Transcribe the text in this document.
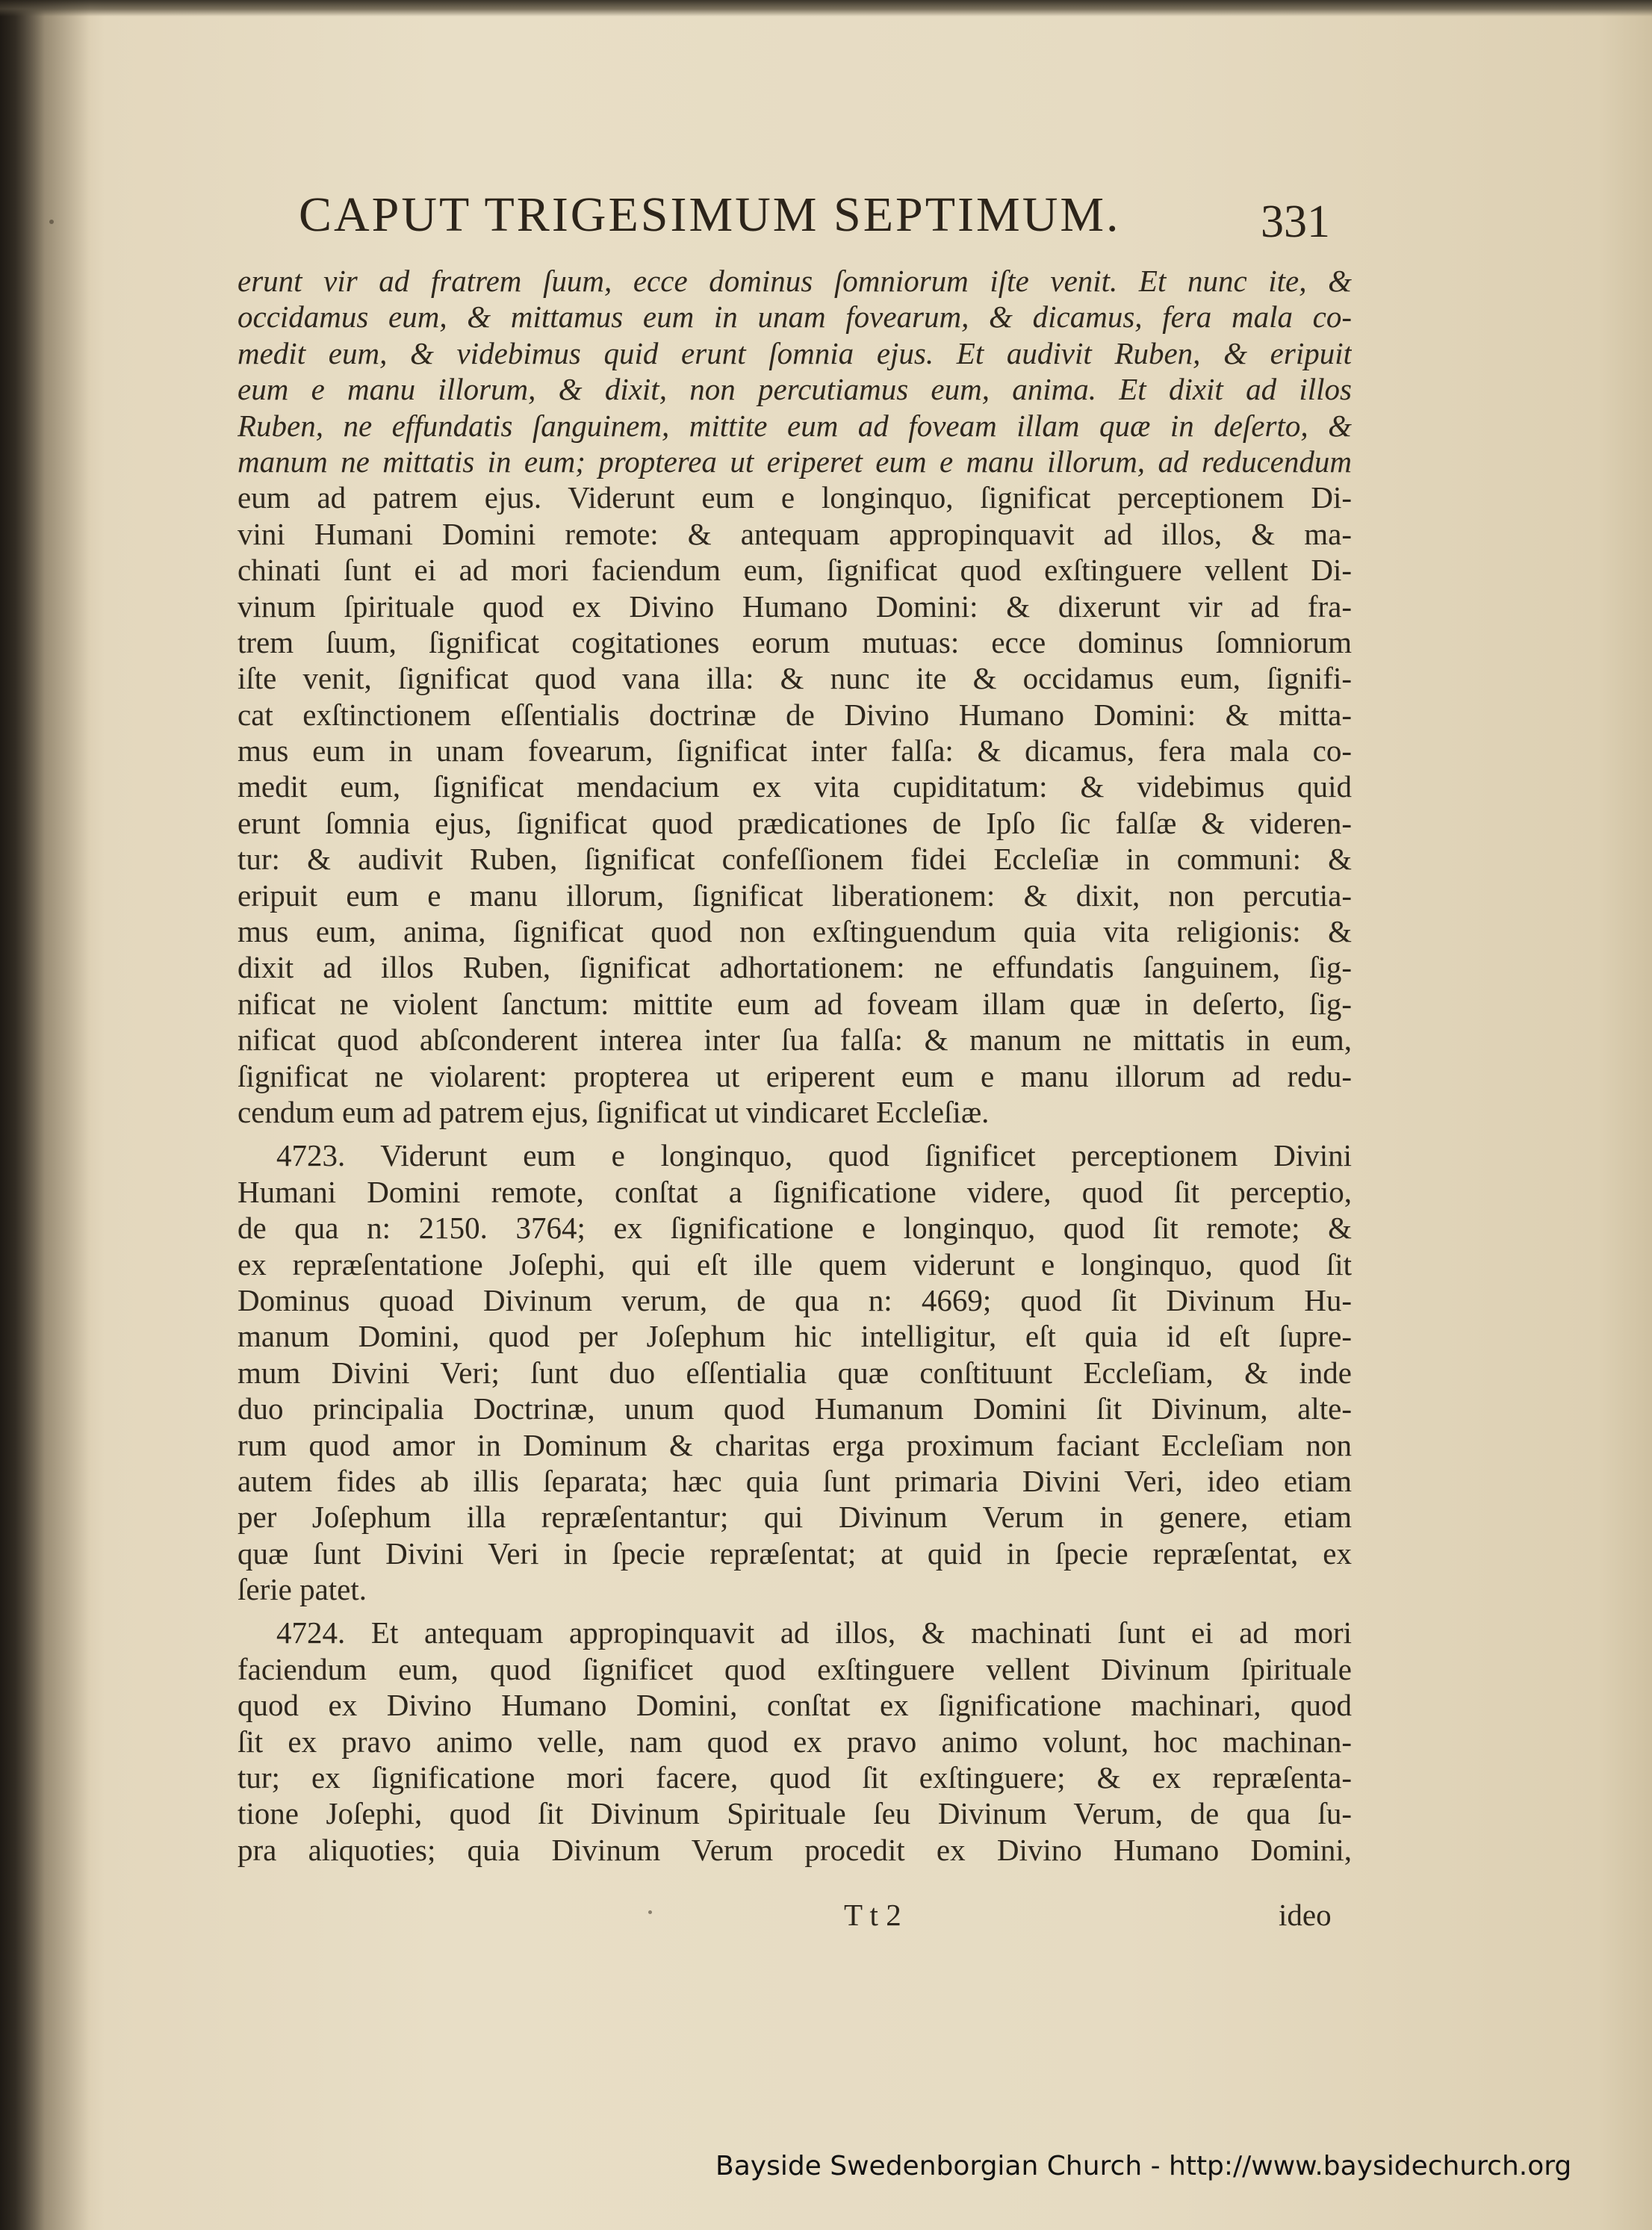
CAPUT TRIGESIMUM SEPTIMUM.	331
erunt vir ad fratrem ſuum, ecce dominus ſomniorum iſte venit. Et nunc ite, &
occidamus eum, & mittamus eum in unam fovearum, & dicamus, fera mala co-
medit eum, & videbimus quid erunt ſomnia ejus. Et audivit Ruben, & eripuit
eum e manu illorum, & dixit, non percutiamus eum, anima. Et dixit ad illos
Ruben, ne effundatis ſanguinem, mittite eum ad foveam illam quæ in deſerto, &
manum ne mittatis in eum; propterea ut eriperet eum e manu illorum, ad reducendum
eum ad patrem ejus. Viderunt eum e longinquo, ſignificat perceptionem Di-
vini Humani Domini remote: & antequam appropinquavit ad illos, & ma-
chinati ſunt ei ad mori faciendum eum, ſignificat quod exſtinguere vellent Di-
vinum ſpirituale quod ex Divino Humano Domini: & dixerunt vir ad fra-
trem ſuum, ſignificat cogitationes eorum mutuas: ecce dominus ſomniorum
iſte venit, ſignificat quod vana illa: & nunc ite & occidamus eum, ſignifi-
cat exſtinctionem eſſentialis doctrinæ de Divino Humano Domini: & mitta-
mus eum in unam fovearum, ſignificat inter falſa: & dicamus, fera mala co-
medit eum, ſignificat mendacium ex vita cupiditatum: & videbimus quid
erunt ſomnia ejus, ſignificat quod prædicationes de Ipſo ſic falſæ & videren-
tur: & audivit Ruben, ſignificat confeſſionem fidei Eccleſiæ in communi: &
eripuit eum e manu illorum, ſignificat liberationem: & dixit, non percutia-
mus eum, anima, ſignificat quod non exſtinguendum quia vita religionis: &
dixit ad illos Ruben, ſignificat adhortationem: ne effundatis ſanguinem, ſig-
nificat ne violent ſanctum: mittite eum ad foveam illam quæ in deſerto, ſig-
nificat quod abſconderent interea inter ſua falſa: & manum ne mittatis in eum,
ſignificat ne violarent: propterea ut eriperent eum e manu illorum ad redu-
cendum eum ad patrem ejus, ſignificat ut vindicaret Eccleſiæ.
4723. Viderunt eum e longinquo, quod ſignificet perceptionem Divini
Humani Domini remote, conſtat a ſignificatione videre, quod ſit perceptio,
de qua n: 2150. 3764; ex ſignificatione e longinquo, quod ſit remote; &
ex repræſentatione Joſephi, qui eſt ille quem viderunt e longinquo, quod ſit
Dominus quoad Divinum verum, de qua n: 4669; quod ſit Divinum Hu-
manum Domini, quod per Joſephum hic intelligitur, eſt quia id eſt ſupre-
mum Divini Veri; ſunt duo eſſentialia quæ conſtituunt Eccleſiam, & inde
duo principalia Doctrinæ, unum quod Humanum Domini ſit Divinum, alte-
rum quod amor in Dominum & charitas erga proximum faciant Eccleſiam non
autem fides ab illis ſeparata; hæc quia ſunt primaria Divini Veri, ideo etiam
per Joſephum illa repræſentantur; qui Divinum Verum in genere, etiam
quæ ſunt Divini Veri in ſpecie repræſentat; at quid in ſpecie repræſentat, ex
ſerie patet.
4724. Et antequam appropinquavit ad illos, & machinati ſunt ei ad mori
faciendum eum, quod ſignificet quod exſtinguere vellent Divinum ſpirituale
quod ex Divino Humano Domini, conſtat ex ſignificatione machinari, quod
ſit ex pravo animo velle, nam quod ex pravo animo volunt, hoc machinan-
tur; ex ſignificatione mori facere, quod ſit exſtinguere; & ex repræſenta-
tione Joſephi, quod ſit Divinum Spirituale ſeu Divinum Verum, de qua ſu-
pra aliquoties; quia Divinum Verum procedit ex Divino Humano Domini,
T t 2	ideo
Bayside Swedenborgian Church - http://www.baysidechurch.org
